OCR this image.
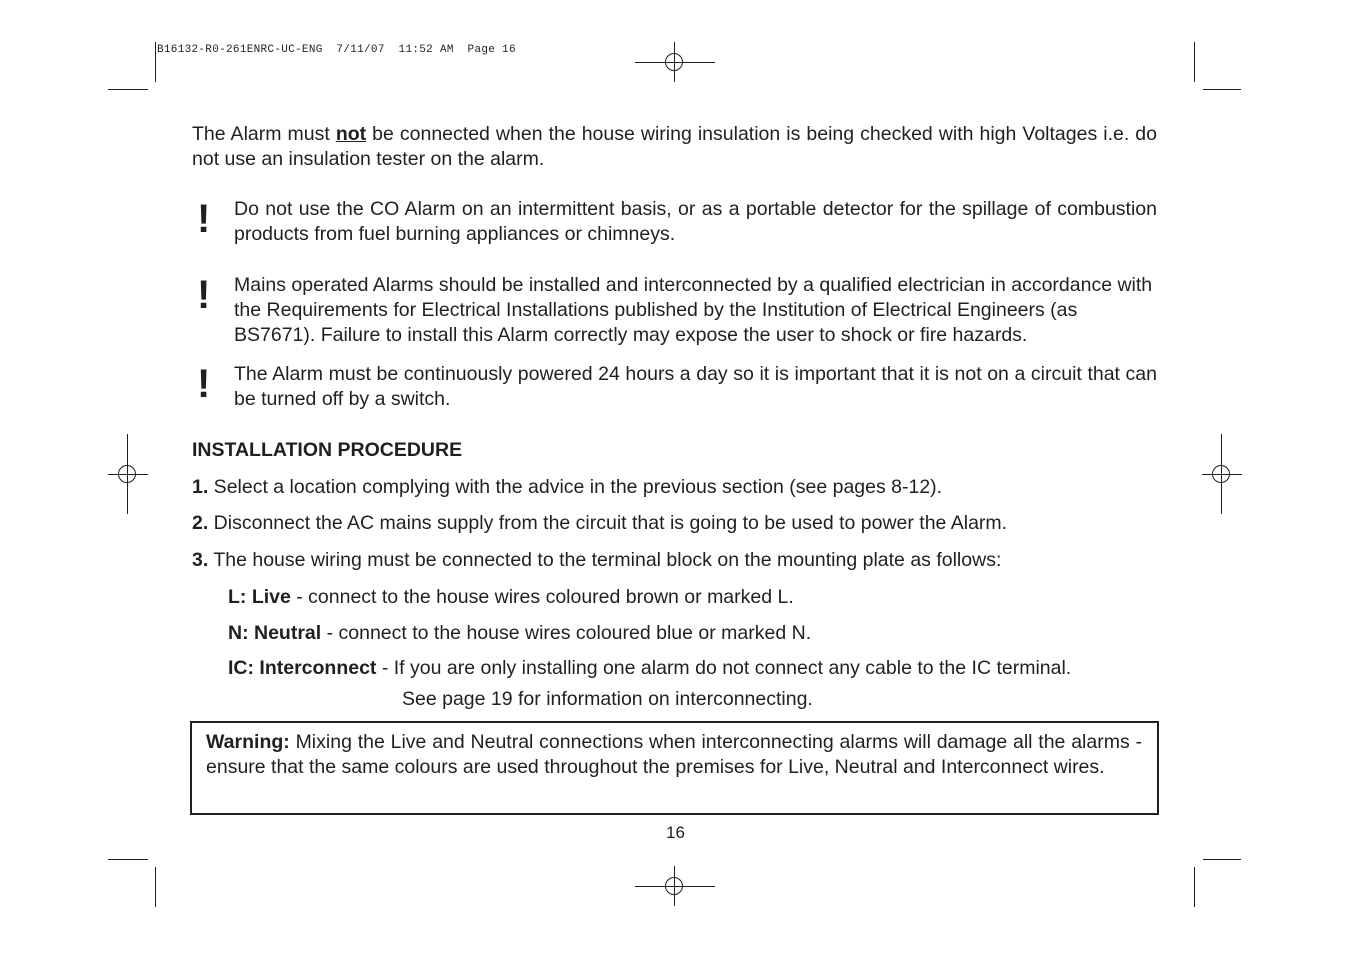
B16132-R0-261ENRC-UC-ENG  7/11/07  11:52 AM  Page 16

The Alarm must not be connected when the house wiring insulation is being checked with high Voltages i.e. do not use an insulation tester on the alarm.

! Do not use the CO Alarm on an intermittent basis, or as a portable detector for the spillage of combustion products from fuel burning appliances or chimneys.

! Mains operated Alarms should be installed and interconnected by a qualified electrician in accordance with the Requirements for Electrical Installations published by the Institution of Electrical Engineers (as BS7671). Failure to install this Alarm correctly may expose the user to shock or fire hazards.

! The Alarm must be continuously powered 24 hours a day so it is important that it is not on a circuit that can be turned off by a switch.

INSTALLATION PROCEDURE

1. Select a location complying with the advice in the previous section (see pages 8-12).

2. Disconnect the AC mains supply from the circuit that is going to be used to power the Alarm.

3. The house wiring must be connected to the terminal block on the mounting plate as follows:

L: Live - connect to the house wires coloured brown or marked L.

N: Neutral - connect to the house wires coloured blue or marked N.

IC: Interconnect - If you are only installing one alarm do not connect any cable to the IC terminal.

See page 19 for information on interconnecting.

Warning: Mixing the Live and Neutral connections when interconnecting alarms will damage all the alarms - ensure that the same colours are used throughout the premises for Live, Neutral and Interconnect wires.

16
